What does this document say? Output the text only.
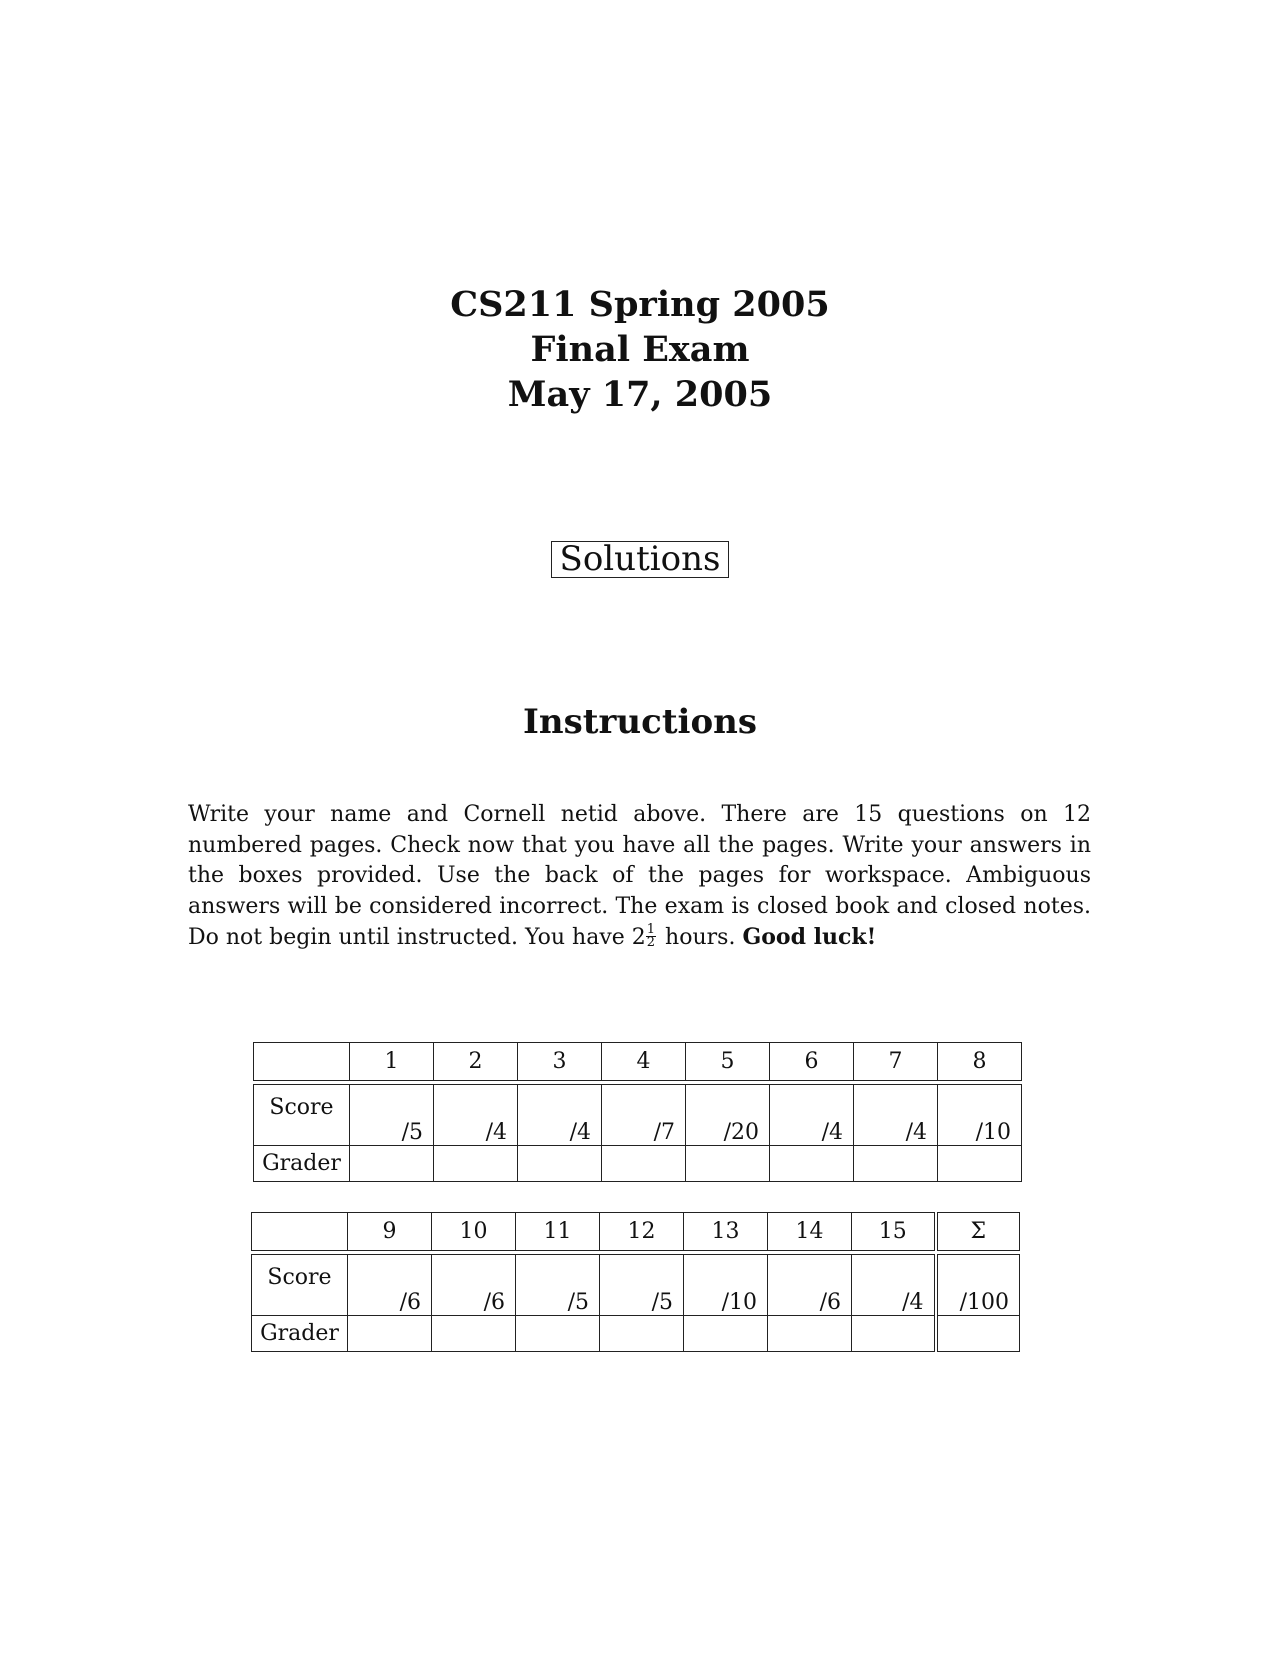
CS211 Spring 2005
Final Exam
May 17, 2005
Solutions
Instructions
Write your name and Cornell netid above. There are 15 questions on 12 numbered pages. Check now that you have all the pages. Write your answers in the boxes provided. Use the back of the pages for workspace. Ambiguous answers will be considered incorrect. The exam is closed book and closed notes. Do not begin until instructed. You have $2 \frac{1}{2}$ hours. Good luck!
	1	2	3	4	5	6	7	8

Score	/5	/4	/4	/7	/20	/4	/4	/10
Grader								
	9	10	11	12	13	14	15	Σ

Score	/6	/6	/5	/5	/10	/6	/4	/100
Grader								
